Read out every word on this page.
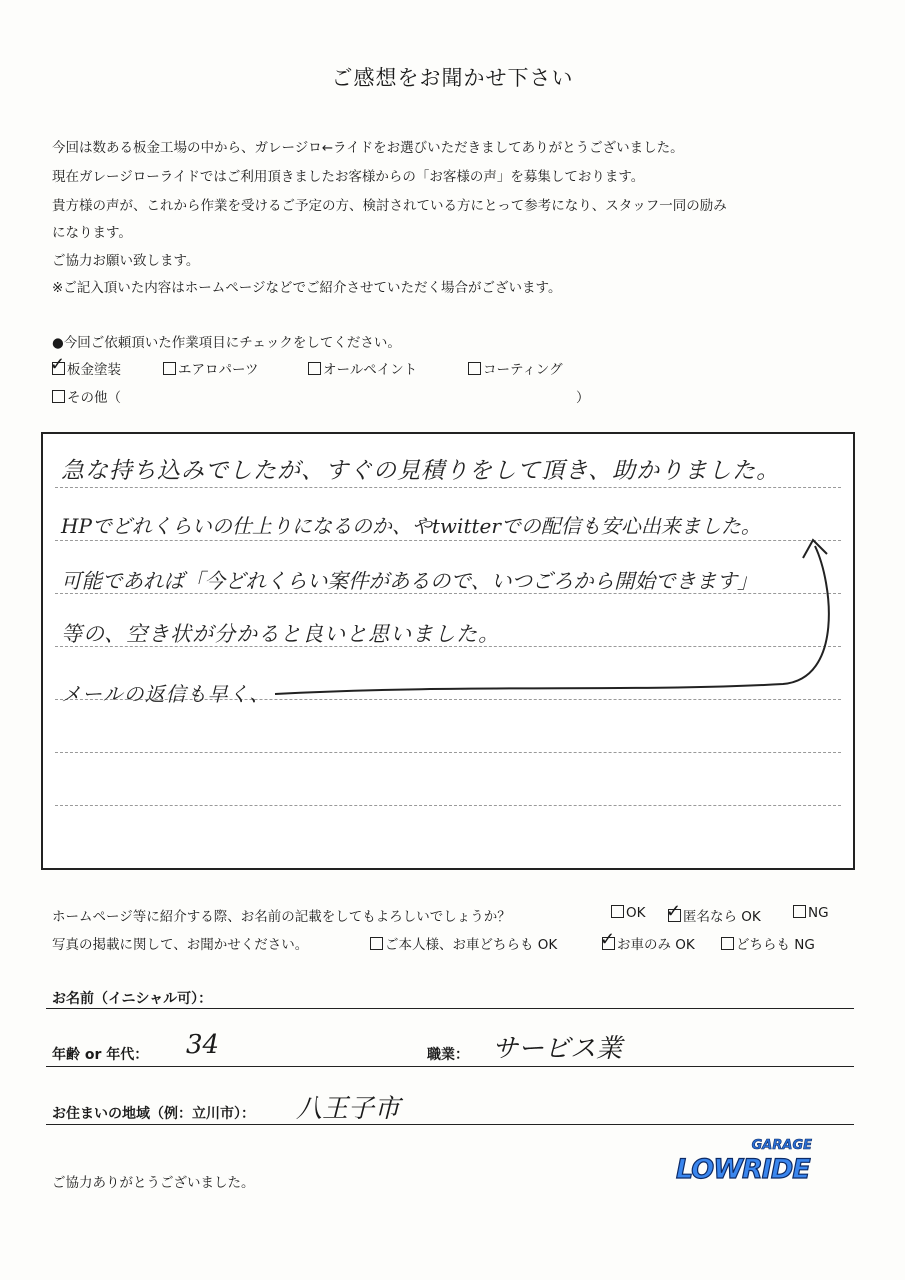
ご感想をお聞かせ下さい
今回は数ある板金工場の中から、ガレージロ←ライドをお選びいただきましてありがとうございました。
現在ガレージローライドではご利用頂きましたお客様からの「お客様の声」を募集しております。
貴方様の声が、これから作業を受けるご予定の方、検討されている方にとって参考になり、スタッフ一同の励み
になります。
ご協力お願い致します。
※ご記入頂いた内容はホームページなどでご紹介させていただく場合がございます。
●今回ご依頼頂いた作業項目にチェックをしてください。
✓ 板金塗装	エアロパーツ	オールペイント	コーティング
その他（	）
急な持ち込みでしたが、すぐの見積りをして頂き、助かりました。
HPでどれくらいの仕上りになるのか、やtwitterでの配信も安心出来ました。
可能であれば「今どれくらい案件があるので、いつごろから開始できます」
等の、空き状が分かると良いと思いました。
メールの返信も早く、
ホームページ等に紹介する際、お名前の記載をしてもよろしいでしょうか？	OK ✓ 匿名なら OK	NG
写真の掲載に関して、お聞かせください。	ご本人様、お車どちらも OK ✓ お車のみ OK	どちらも NG
お名前（イニシャル可）：
年齢 or 年代： 34	職業： サービス業
お住まいの地域（例：立川市）： 八王子市
ご協力ありがとうございました。
GARAGE
LOWRIDE
